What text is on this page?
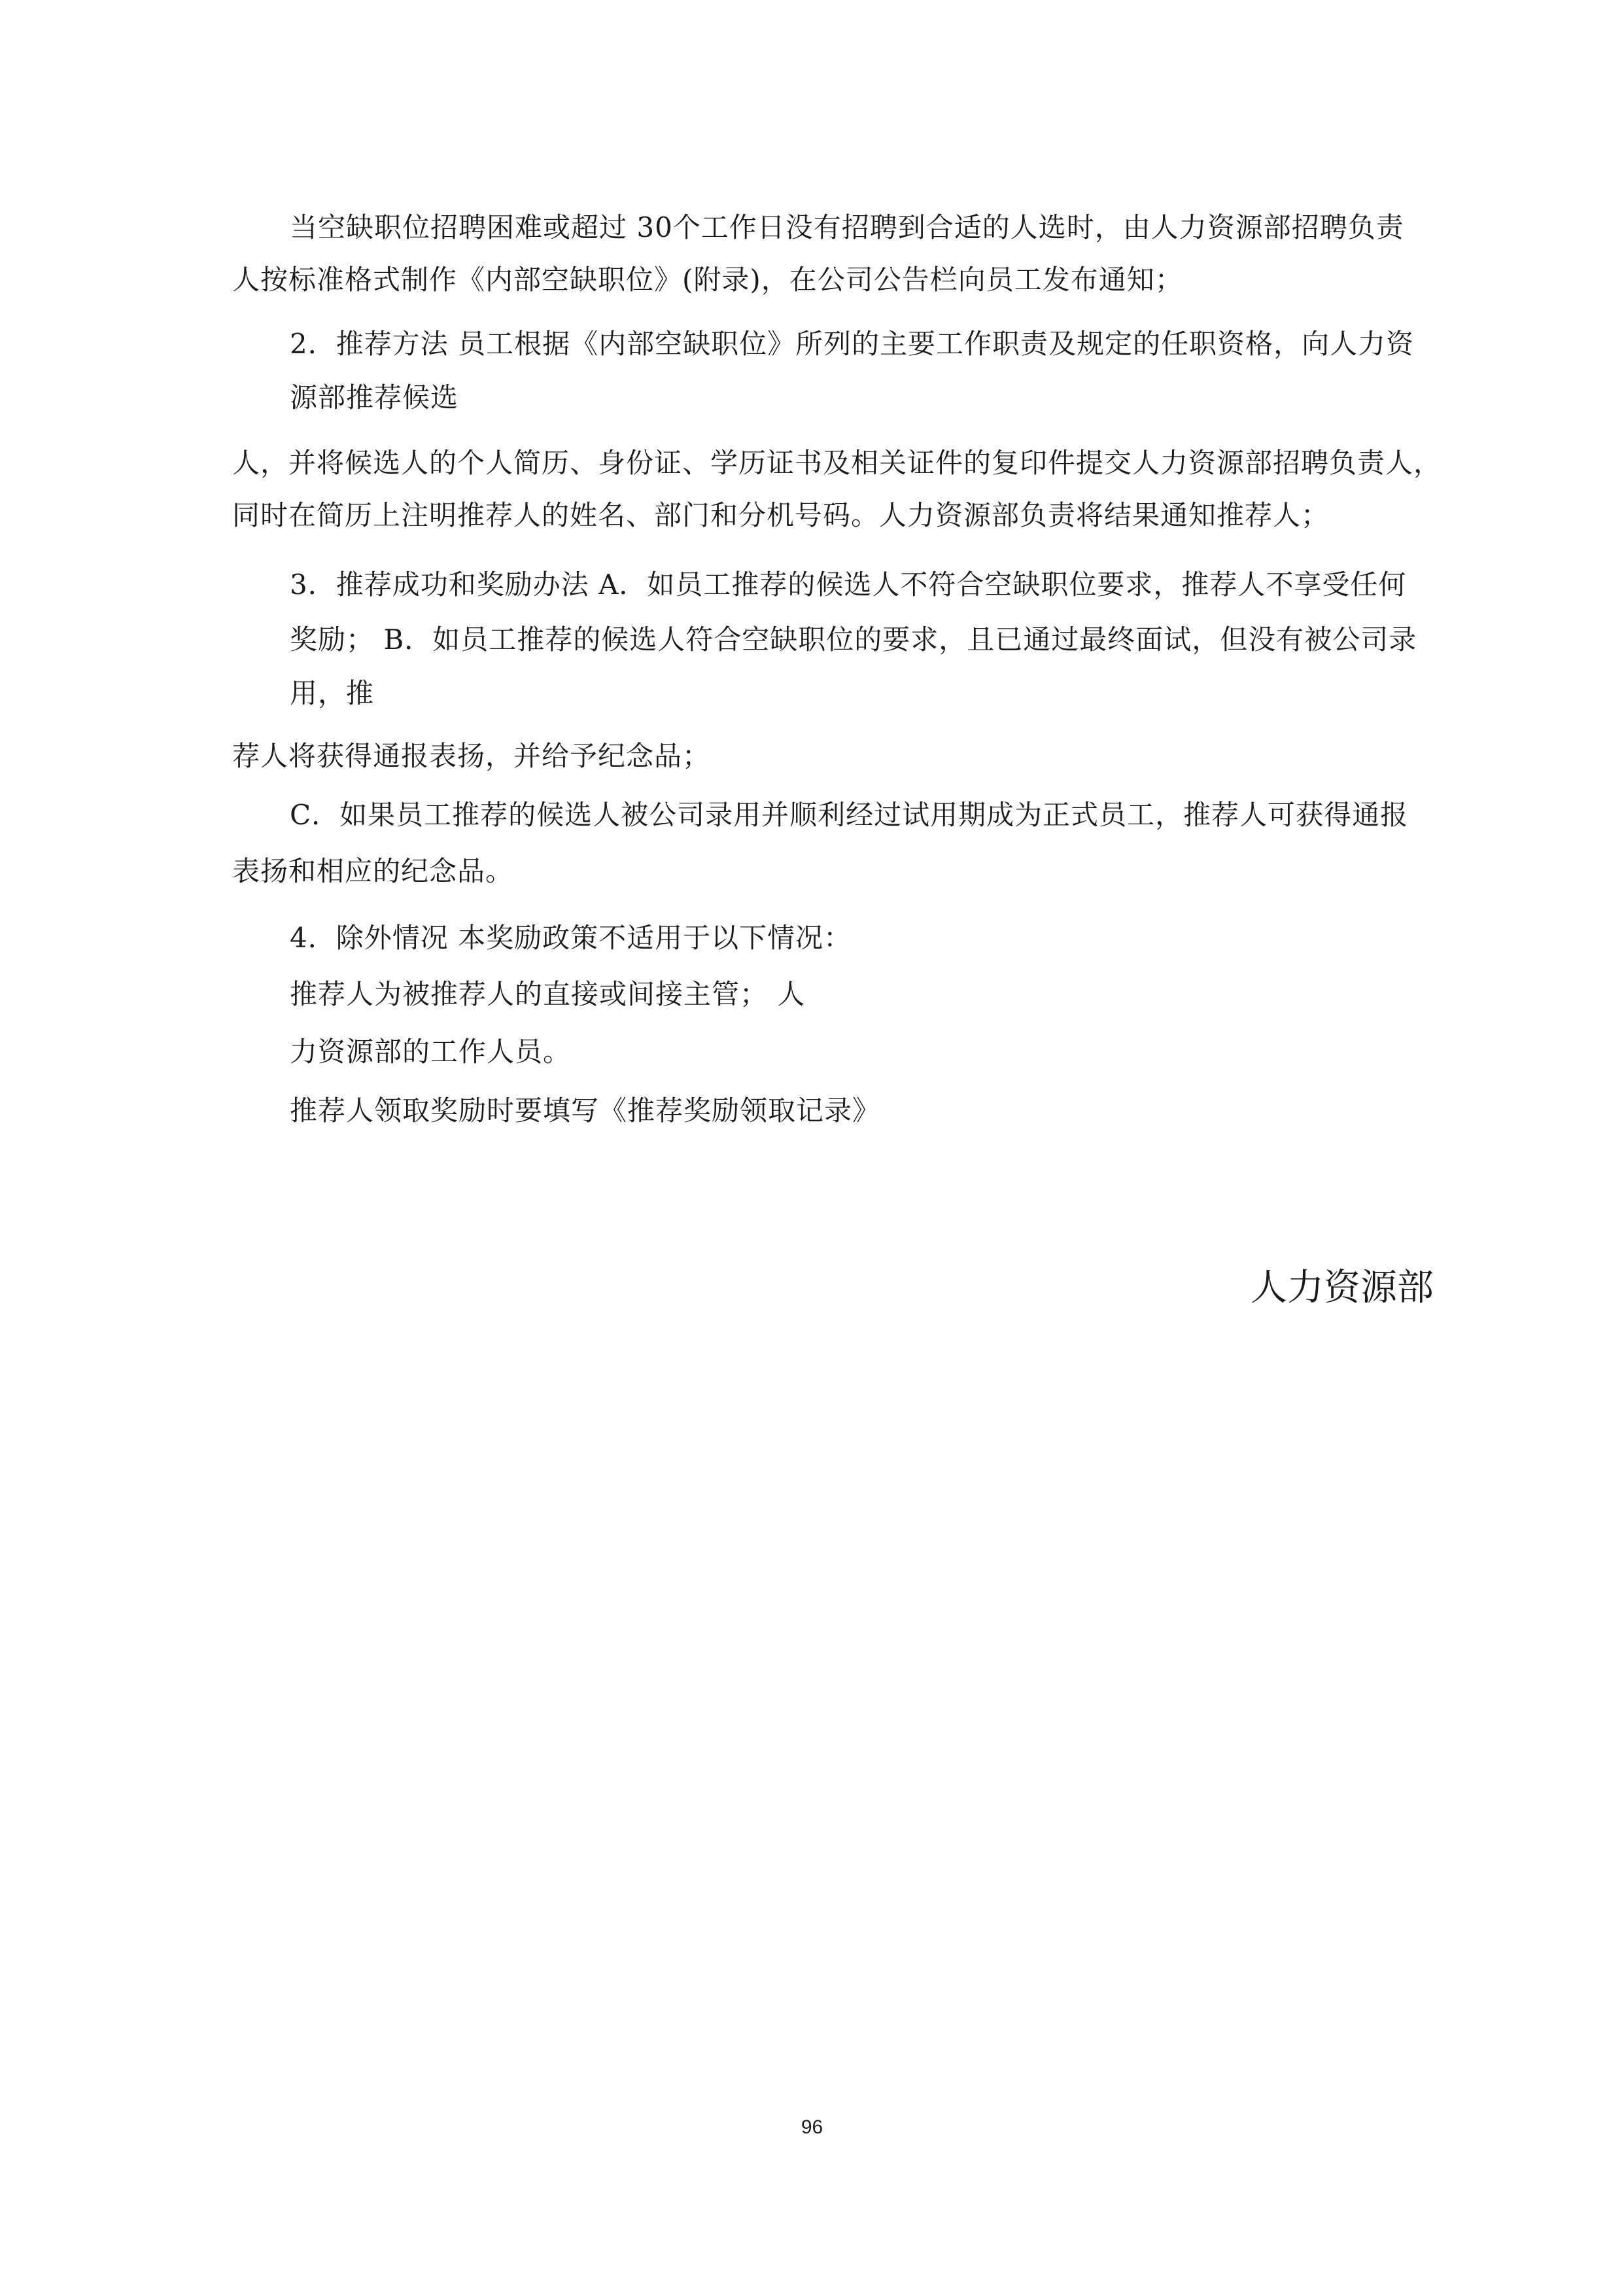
当空缺职位招聘困难或超过 30个工作日没有招聘到合适的人选时，由人力资源部招聘负责
人按标准格式制作《内部空缺职位》(附录)，在公司公告栏向员工发布通知；
2．推荐方法 员工根据《内部空缺职位》所列的主要工作职责及规定的任职资格，向人力资
源部推荐候选
人，并将候选人的个人简历、身份证、学历证书及相关证件的复印件提交人力资源部招聘负责人，
同时在简历上注明推荐人的姓名、部门和分机号码。人力资源部负责将结果通知推荐人；
3．推荐成功和奖励办法 A．如员工推荐的候选人不符合空缺职位要求，推荐人不享受任何
奖励； B．如员工推荐的候选人符合空缺职位的要求，且已通过最终面试，但没有被公司录
用，推
荐人将获得通报表扬，并给予纪念品；
C．如果员工推荐的候选人被公司录用并顺利经过试用期成为正式员工，推荐人可获得通报
表扬和相应的纪念品。
4．除外情况 本奖励政策不适用于以下情况：
推荐人为被推荐人的直接或间接主管； 人
力资源部的工作人员。
推荐人领取奖励时要填写《推荐奖励领取记录》
人力资源部
96
